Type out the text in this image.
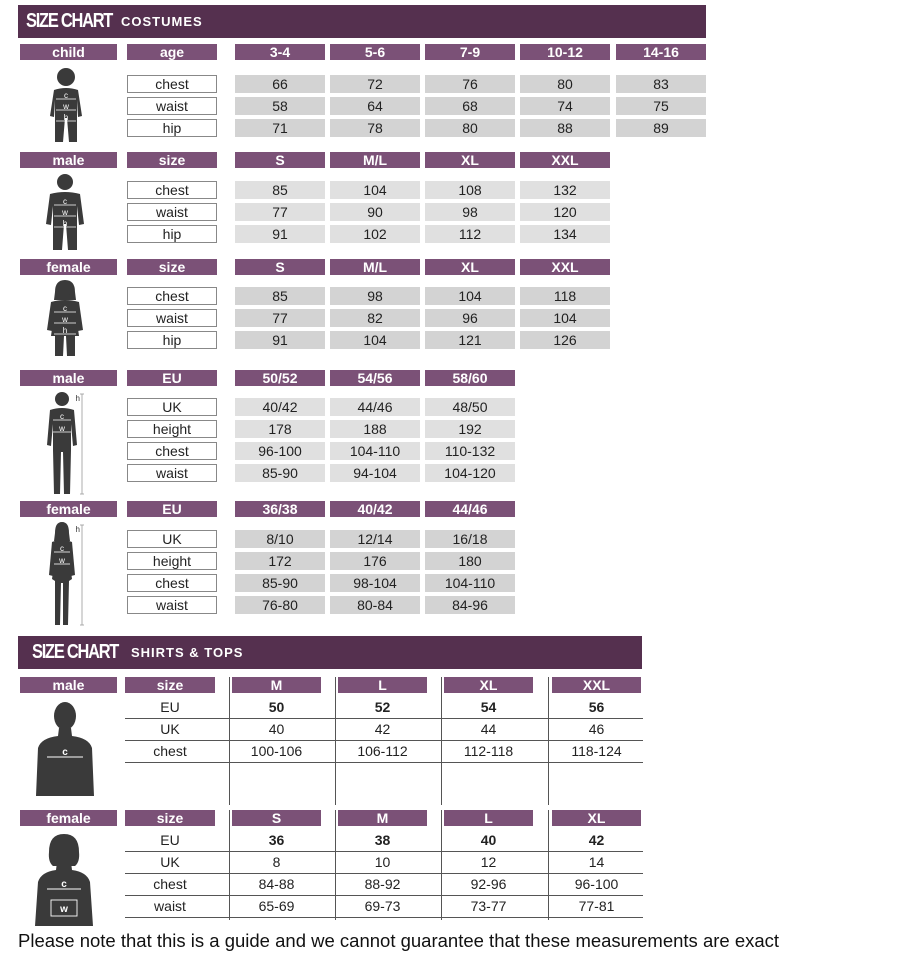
SIZE CHART COSTUMES
child	age	3-4	5-6	7-9	10-12	14-16
chest	66	72	76	80	83
waist	58	64	68	74	75
hip	71	78	80	88	89
male	size	S	M/L	XL	XXL
chest	85	104	108	132
waist	77	90	98	120
hip	91	102	112	134
female	size	S	M/L	XL	XXL
chest	85	98	104	118
waist	77	82	96	104
hip	91	104	121	126
male	EU	50/52	54/56	58/60
UK	40/42	44/46	48/50
height	178	188	192
chest	96-100	104-110	110-132
waist	85-90	94-104	104-120
female	EU	36/38	40/42	44/46
UK	8/10	12/14	16/18
height	172	176	180
chest	85-90	98-104	104-110
waist	76-80	80-84	84-96
c
w
h
c
w
h
c
w
h
h
c
w
h
c
w
SIZE CHART SHIRTS & TOPS
male	size	M	L	XL	XXL
EU	50	52	54	56
UK	40	42	44	46
chest	100-106	106-112	112-118	118-124
female	size	S	M	L	XL
EU	36	38	40	42
UK	8	10	12	14
chest	84-88	88-92	92-96	96-100
waist	65-69	69-73	73-77	77-81
c
c
w
Please note that this is a guide and we cannot guarantee that these measurements are exact
